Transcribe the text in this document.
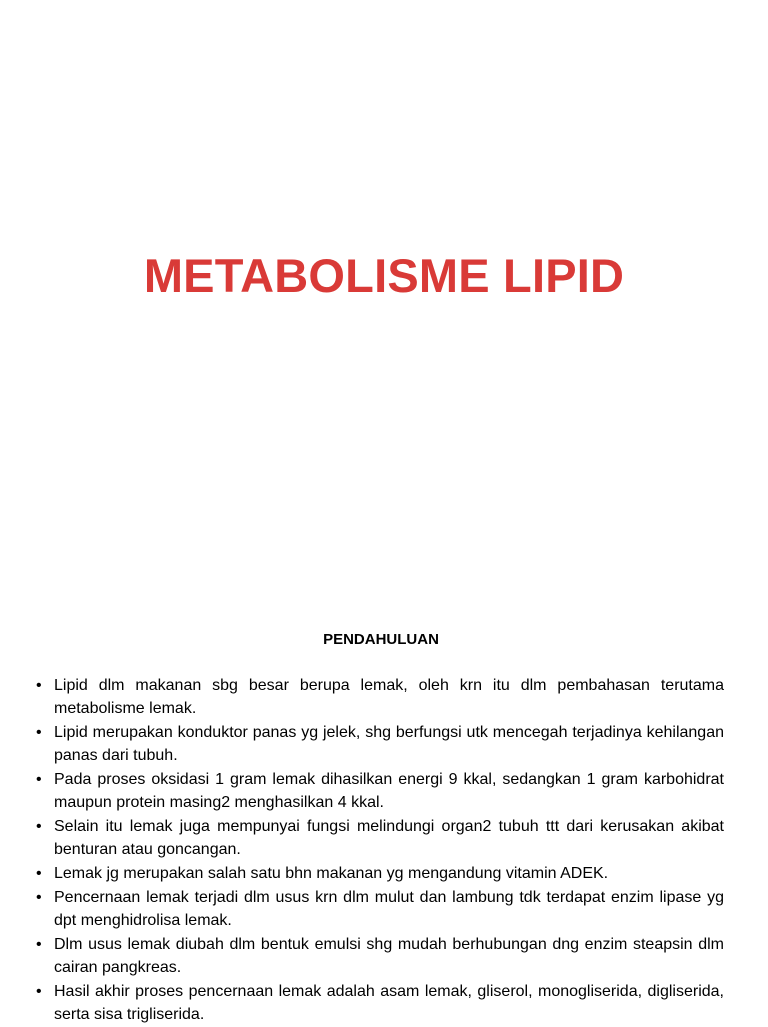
METABOLISME LIPID
PENDAHULUAN
• Lipid dlm makanan sbg besar berupa lemak, oleh krn itu dlm pembahasan terutama metabolisme lemak.
• Lipid merupakan konduktor panas yg jelek, shg berfungsi utk mencegah terjadinya kehilangan panas dari tubuh.
• Pada proses oksidasi 1 gram lemak dihasilkan energi 9 kkal, sedangkan 1 gram karbohidrat maupun protein masing2 menghasilkan 4 kkal.
• Selain itu lemak juga mempunyai fungsi melindungi organ2 tubuh ttt dari kerusakan akibat benturan atau goncangan.
• Lemak jg merupakan salah satu bhn makanan yg mengandung vitamin ADEK.
• Pencernaan lemak terjadi dlm usus krn dlm mulut dan lambung tdk terdapat enzim lipase yg dpt menghidrolisa lemak.
• Dlm usus lemak diubah dlm bentuk emulsi shg mudah berhubungan dng enzim steapsin dlm cairan pangkreas.
• Hasil akhir proses pencernaan lemak adalah asam lemak, gliserol, monogliserida, digliserida, serta sisa trigliserida.
